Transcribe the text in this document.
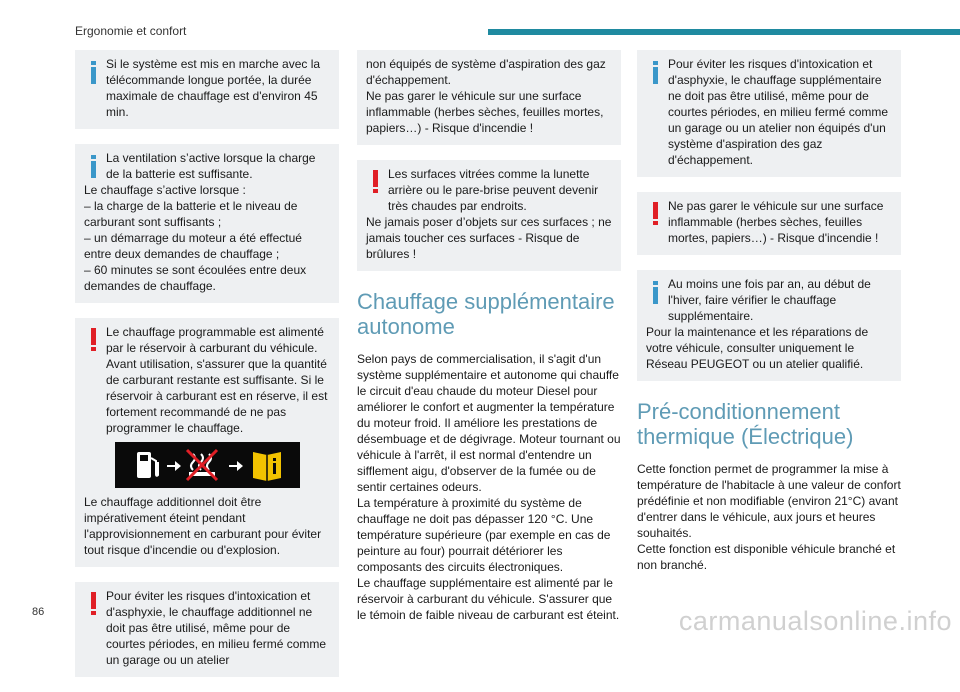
Ergonomie et confort

Si le système est mis en marche avec la télécommande longue portée, la durée maximale de chauffage est d'environ 45 min.

La ventilation s’active lorsque la charge de la batterie est suffisante.

Le chauffage s’active lorsque :

– la charge de la batterie et le niveau de carburant sont suffisants ;

– un démarrage du moteur a été effectué entre deux demandes de chauffage ;

– 60 minutes se sont écoulées entre deux demandes de chauffage.

Le chauffage programmable est alimenté par le réservoir à carburant du véhicule. Avant utilisation, s'assurer que la quantité de carburant restante est suffisante. Si le réservoir à carburant est en réserve, il est fortement recommandé de ne pas programmer le chauffage.

Le chauffage additionnel doit être impérativement éteint pendant l'approvisionnement en carburant pour éviter tout risque d'incendie ou d'explosion.

Pour éviter les risques d'intoxication et d'asphyxie, le chauffage additionnel ne doit pas être utilisé, même pour de courtes périodes, en milieu fermé comme un garage ou un atelier

non équipés de système d'aspiration des gaz d'échappement.

Ne pas garer le véhicule sur une surface inflammable (herbes sèches, feuilles mortes, papiers…) - Risque d'incendie !

Les surfaces vitrées comme la lunette arrière ou le pare-brise peuvent devenir très chaudes par endroits.

Ne jamais poser d’objets sur ces surfaces ; ne jamais toucher ces surfaces - Risque de brûlures !

Chauffage supplémentaire autonome

Selon pays de commercialisation, il s'agit d'un système supplémentaire et autonome qui chauffe le circuit d'eau chaude du moteur Diesel pour améliorer le confort et augmenter la température du moteur froid. Il améliore les prestations de désembuage et de dégivrage. Moteur tournant ou véhicule à l'arrêt, il est normal d'entendre un sifflement aigu, d'observer de la fumée ou de sentir certaines odeurs.

La température à proximité du système de chauffage ne doit pas dépasser 120 °C. Une température supérieure (par exemple en cas de peinture au four) pourrait détériorer les composants des circuits électroniques.

Le chauffage supplémentaire est alimenté par le réservoir à carburant du véhicule. S'assurer que le témoin de faible niveau de carburant est éteint.

Pour éviter les risques d'intoxication et d'asphyxie, le chauffage supplémentaire ne doit pas être utilisé, même pour de courtes périodes, en milieu fermé comme un garage ou un atelier non équipés d'un système d'aspiration des gaz d'échappement.

Ne pas garer le véhicule sur une surface inflammable (herbes sèches, feuilles mortes, papiers…) - Risque d'incendie !

Au moins une fois par an, au début de l'hiver, faire vérifier le chauffage supplémentaire.

Pour la maintenance et les réparations de votre véhicule, consulter uniquement le Réseau PEUGEOT ou un atelier qualifié.

Pré-conditionnement thermique (Électrique)

Cette fonction permet de programmer la mise à température de l'habitacle à une valeur de confort prédéfinie et non modifiable (environ 21°C) avant d'entrer dans le véhicule, aux jours et heures souhaités.

Cette fonction est disponible véhicule branché et non branché.

86	carmanualsonline.info
